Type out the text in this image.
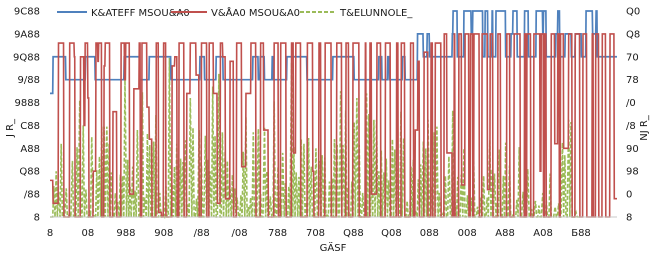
8	08 988 908 /88 /08 788 708 Q88 Q08 088 008 A88 A08 Б88
8
/88
Q88
A88
C88
9888
9/88
9Q88
9A88
9C88
8
0
98
90
/8
/0
78
70
Q8
Q0
GÄSF
J R_	NJ R_
K&ATEFF MSOU&A0 V&ÅA0 MSOU&A0	T&ELUNNOLE_
